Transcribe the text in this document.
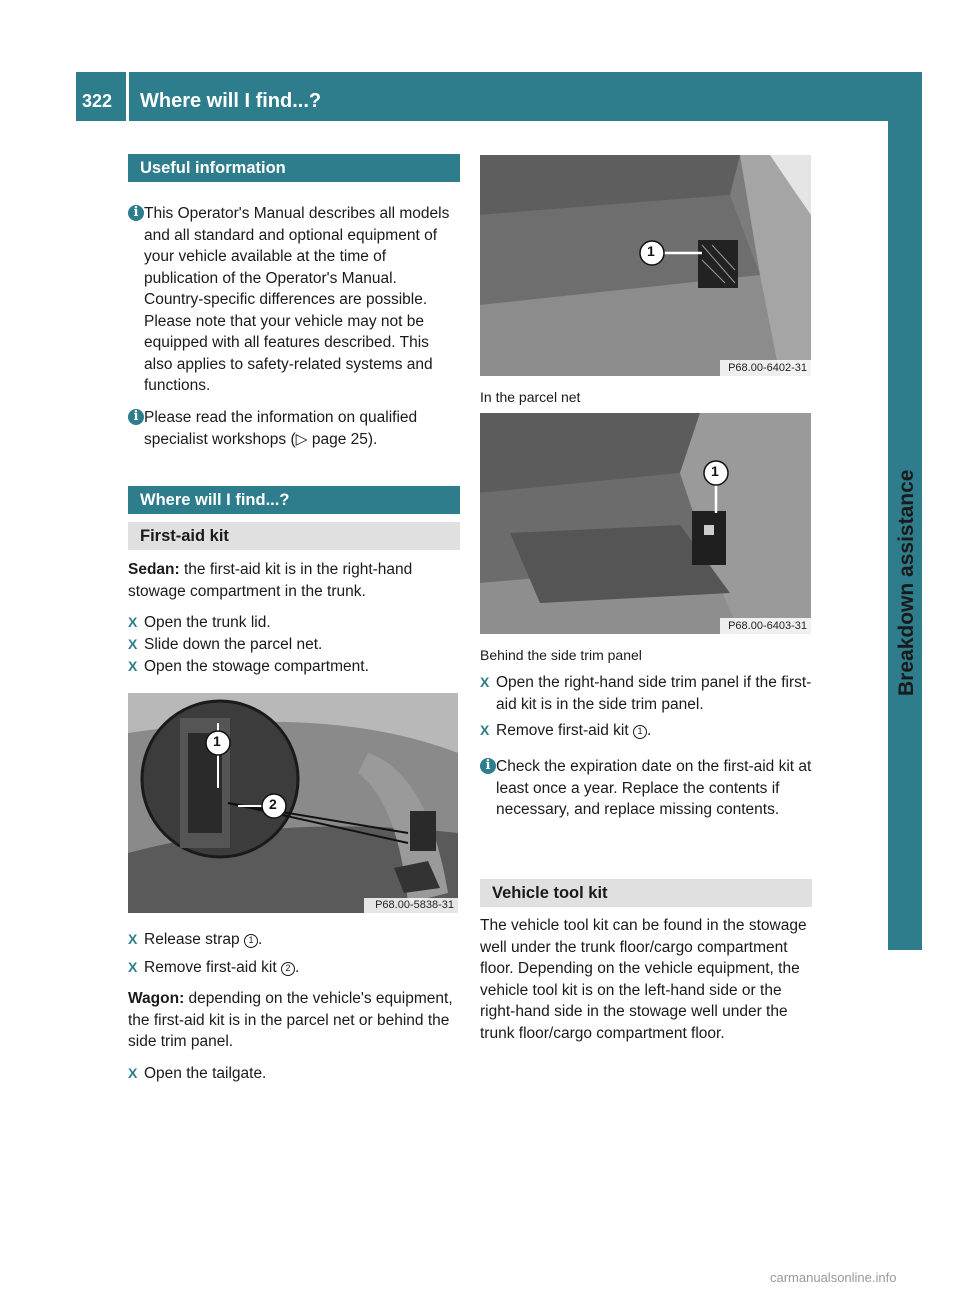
322	Where will I find...?
Breakdown assistance
Useful information
i This Operator's Manual describes all models and all standard and optional equipment of your vehicle available at the time of publication of the Operator's Manual. Country-specific differences are possible. Please note that your vehicle may not be equipped with all features described. This also applies to safety-related systems and functions.
i Please read the information on qualified specialist workshops (▷ page 25).
Where will I find...?
First-aid kit
Sedan: the first-aid kit is in the right-hand stowage compartment in the trunk.
X Open the trunk lid.
X Slide down the parcel net.
X Open the stowage compartment.
1
2
P68.00-5838-31
X Release strap 1 .
X Remove first-aid kit 2 .
Wagon: depending on the vehicle's equipment, the first-aid kit is in the parcel net or behind the side trim panel.
X Open the tailgate.
1
P68.00-6402-31
In the parcel net
1
P68.00-6403-31
Behind the side trim panel
X Open the right-hand side trim panel if the first-aid kit is in the side trim panel.
X Remove first-aid kit 1 .
i Check the expiration date on the first-aid kit at least once a year. Replace the contents if necessary, and replace missing contents.
Vehicle tool kit
The vehicle tool kit can be found in the stowage well under the trunk floor/cargo compartment floor. Depending on the vehicle equipment, the vehicle tool kit is on the left-hand side or the right-hand side in the stowage well under the trunk floor/cargo compartment floor.
carmanualsonline.info
